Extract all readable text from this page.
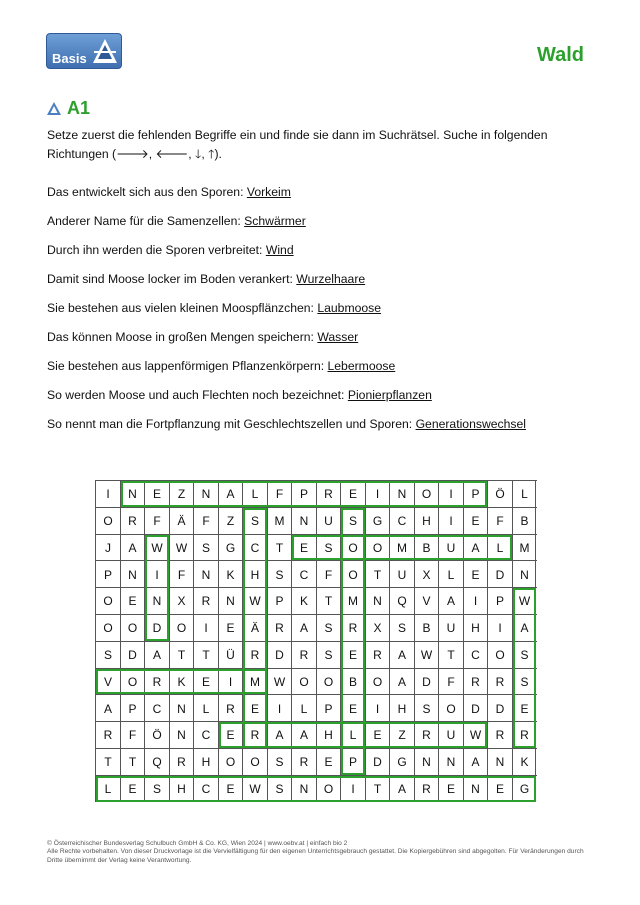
Basis	Wald
A1
Setze zuerst die fehlenden Begriffe ein und finde sie dann im Suchrätsel. Suche in folgenden Richtungen (🡒, 🡐, 🡓, 🡑).
Das entwickelt sich aus den Sporen: Vorkeim
Anderer Name für die Samenzellen: Schwärmer
Durch ihn werden die Sporen verbreitet: Wind
Damit sind Moose locker im Boden verankert: Wurzelhaare
Sie bestehen aus vielen kleinen Moospflänzchen: Laubmoose
Das können Moose in großen Mengen speichern: Wasser
Sie bestehen aus lappenförmigen Pflanzenkörpern: Lebermoose
So werden Moose und auch Flechten noch bezeichnet: Pionierpflanzen
So nennt man die Fortpflanzung mit Geschlechtszellen und Sporen: Generationswechsel
I	N	E	Z	N	A	L	F	P	R	E	I	N	O	I	P	Ö	L
O	R	F	Ä	F	Z	S	M	N	U	S	G	C	H	I	E	F	B
J	A	W	W	S	G	C	T	E	S	O	O	M	B	U	A	L	M
P	N	I	F	N	K	H	S	C	F	O	T	U	X	L	E	D	N
O	E	N	X	R	N	W	P	K	T	M	N	Q	V	A	I	P	W
O	O	D	O	I	E	Ä	R	A	S	R	X	S	B	U	H	I	A
S	D	A	T	T	Ü	R	D	R	S	E	R	A	W	T	C	O	S
V	O	R	K	E	I	M	W	O	O	B	O	A	D	F	R	R	S
A	P	C	N	L	R	E	I	L	P	E	I	H	S	O	D	D	E
R	F	Ö	N	C	E	R	A	A	H	L	E	Z	R	U	W	R	R
T	T	Q	R	H	O	O	S	R	E	P	D	G	N	N	A	N	K
L	E	S	H	C	E	W	S	N	O	I	T	A	R	E	N	E	G
© Österreichischer Bundesverlag Schulbuch GmbH & Co. KG, Wien 2024 | www.oebv.at | einfach bio 2
Alle Rechte vorbehalten. Von dieser Druckvorlage ist die Vervielfältigung für den eigenen Unterrichtsgebrauch gestattet. Die Kopiergebühren sind abgegolten. Für Veränderungen durch Dritte übernimmt der Verlag keine Verantwortung.
